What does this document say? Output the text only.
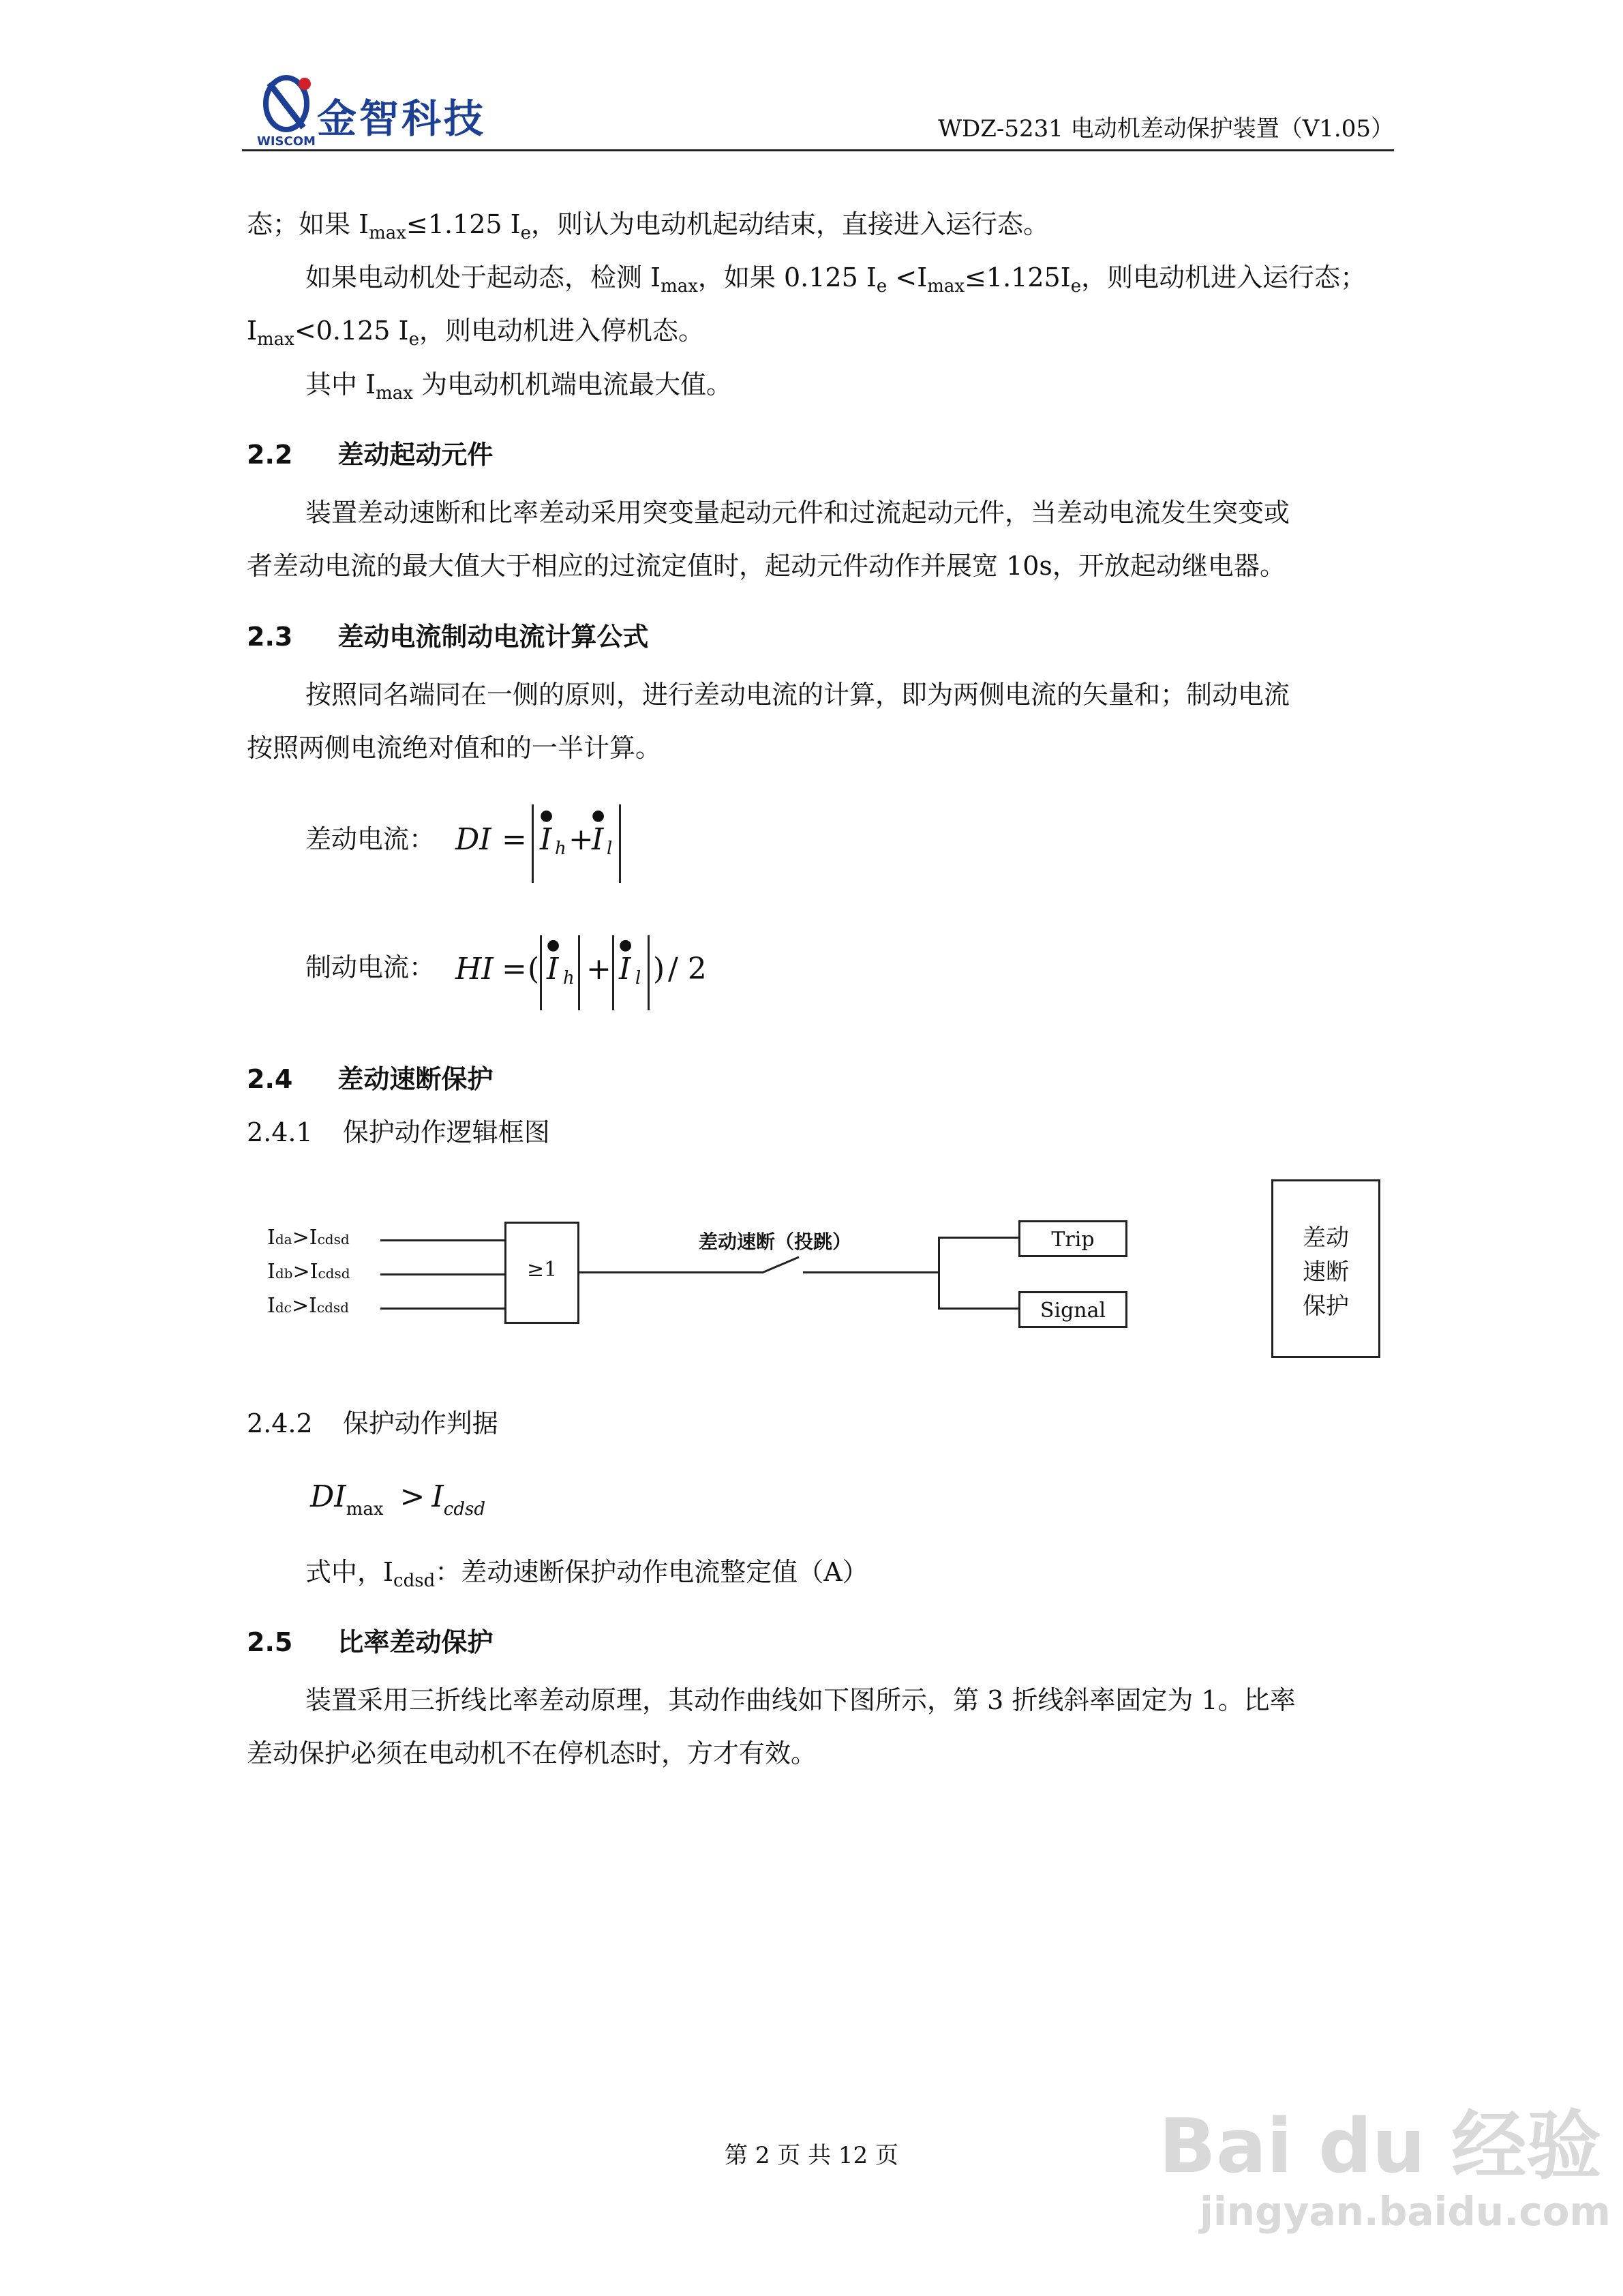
金智科技
WISCOM	WDZ-5231 电动机差动保护装置（V1.05）
态；如果 $I_{max}\le 1.125$ $I_e$，则认为电动机起动结束，直接进入运行态。
如果电动机处于起动态，检测 $I_{max}$，如果 0.125 $I_e <I_{max}\le 1.125I_e$，则电动机进入运行态；
$I_{max}<0.125$ $I_e$，则电动机进入停机态。
其中 $I_{max}$ 为电动机机端电流最大值。
2.2 差动起动元件
装置差动速断和比率差动采用突变量起动元件和过流起动元件，当差动电流发生突变或
者差动电流的最大值大于相应的过流定值时，起动元件动作并展宽 10s，开放起动继电器。
2.3 差动电流制动电流计算公式
按照同名端同在一侧的原则，进行差动电流的计算，即为两侧电流的矢量和；制动电流
按照两侧电流绝对值和的一半计算。
差动电流： DI =
●
I h +
●
I l
制动电流： HI = (
●
I h +
●
I l ) / 2
2.4 差动速断保护
2.4.1 保护动作逻辑框图
Ida>Icdsd
Idb>Icdsd
Idc>Icdsd
≥1
差动速断（投跳）	Trip
Signal
差动
速断
保护
2.4.2 保护动作判据
$DI_{max} > I_{cdsd}$
式中，$I_{cdsd}$：差动速断保护动作电流整定值（A）
2.5 比率差动保护
装置采用三折线比率差动原理，其动作曲线如下图所示，第 3 折线斜率固定为 1。比率
差动保护必须在电动机不在停机态时，方才有效。
第 2 页 共 12 页	Bai du 经验
jingyan.baidu.com
